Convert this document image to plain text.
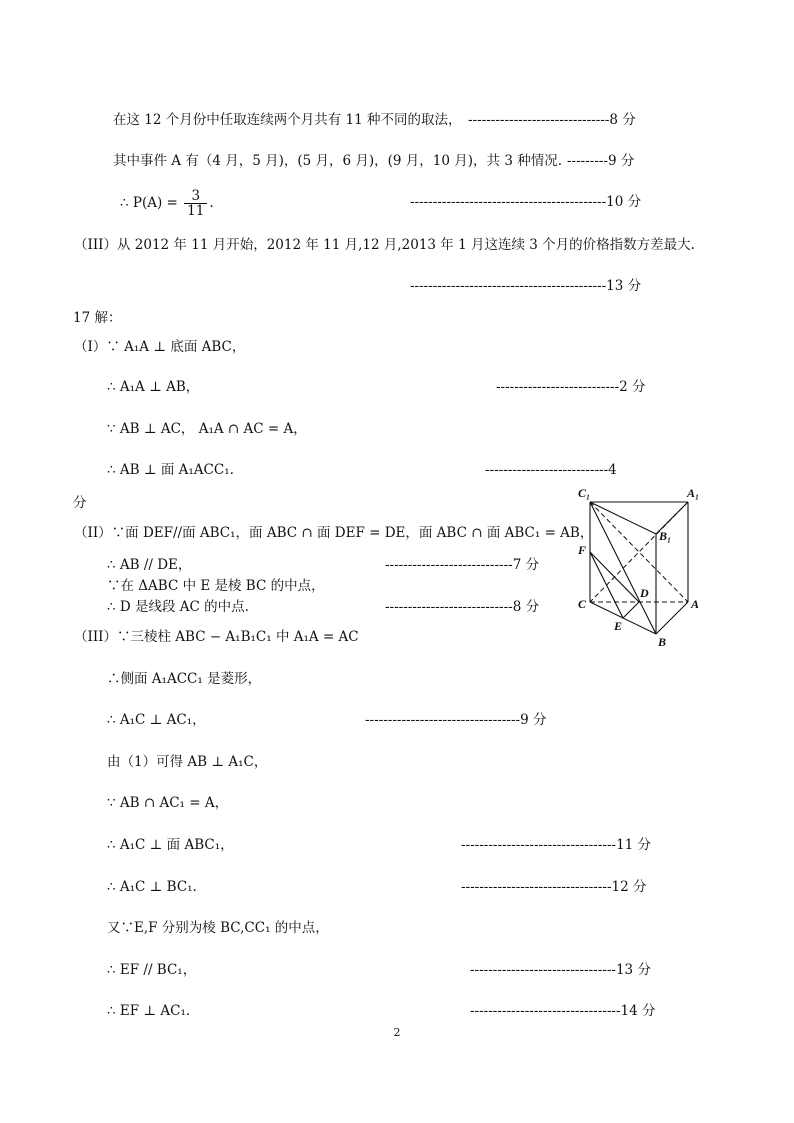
在这 12 个月份中任取连续两个月共有 11 种不同的取法， -------------------------------8 分
其中事件 A 有（4 月，5 月)，(5 月，6 月)，(9 月，10 月)，共 3 种情况. ---------9 分
∴ $P(A) = \frac{3}{11}$ .	-------------------------------------------10 分
（III）从 2012 年 11 月开始，2012 年 11 月,12 月,2013 年 1 月这连续 3 个月的价格指数方差最大.
-------------------------------------------13 分
17 解：
（I）∵ A₁A ⊥ 底面 ABC，
∴ A₁A ⊥ AB，	---------------------------2 分
∵ AB ⊥ AC， A₁A ∩ AC = A，
∴ AB ⊥ 面 A₁ACC₁.	---------------------------4
分
（II）∵面 DEF//面 ABC₁，面 ABC ∩ 面 DEF = DE，面 ABC ∩ 面 ABC₁ = AB，
∴ AB // DE，	----------------------------7 分
∵在 ΔABC 中 E 是棱 BC 的中点，
∴ D 是线段 AC 的中点.	----------------------------8 分
（III）∵三棱柱 ABC − A₁B₁C₁ 中 A₁A = AC
∴侧面 A₁ACC₁ 是菱形，
∴ A₁C ⊥ AC₁，	----------------------------------9 分
由（1）可得 AB ⊥ A₁C，
∵ AB ∩ AC₁ = A，
∴ A₁C ⊥ 面 ABC₁，	----------------------------------11 分
∴ A₁C ⊥ BC₁.	---------------------------------12 分
又∵E,F 分别为棱 BC,CC₁ 的中点，
∴ EF // BC₁，	--------------------------------13 分
∴ EF ⊥ AC₁.	---------------------------------14 分
C₁	A₁
B₁
F
D
C	A
E
B
2
